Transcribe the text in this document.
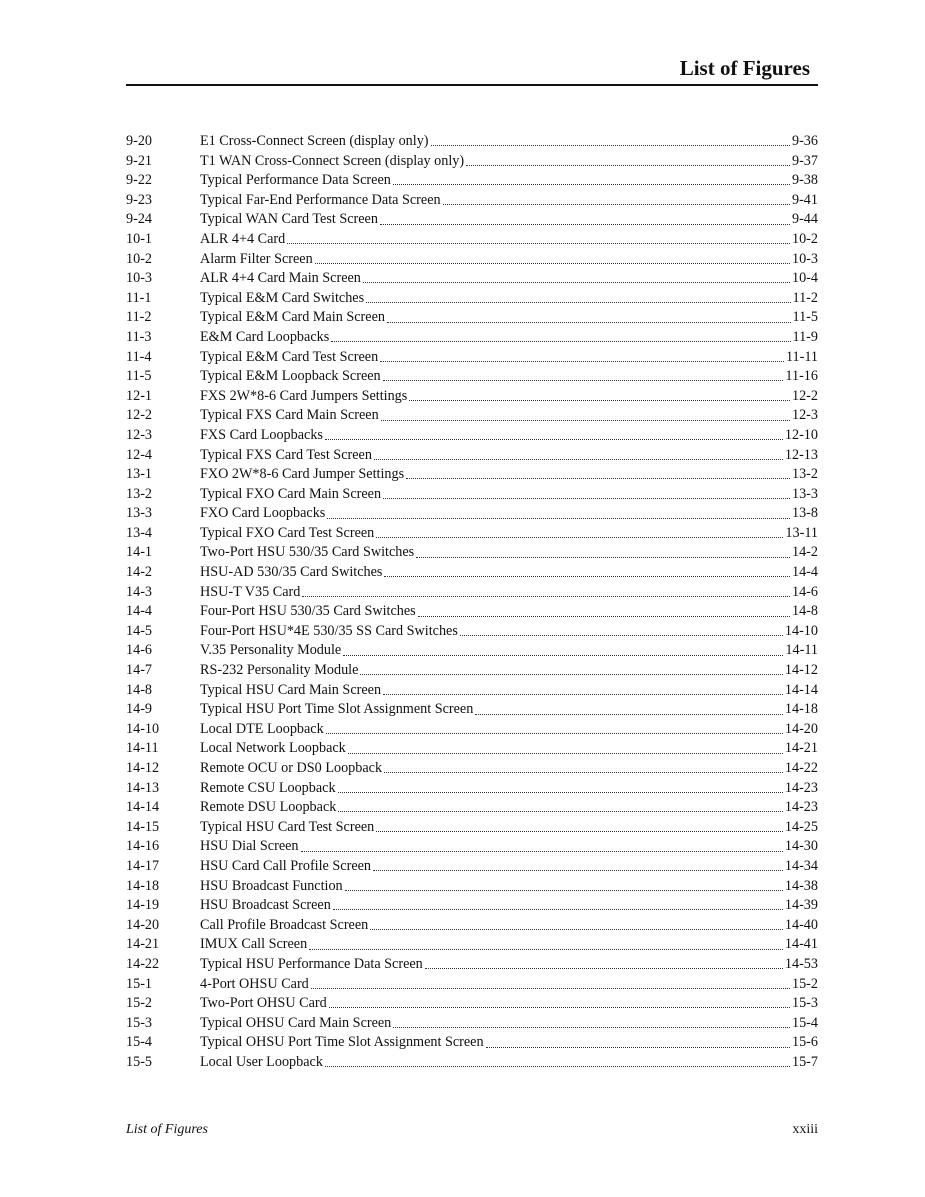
List of Figures
9-20	E1 Cross-Connect Screen (display only)	9-36
9-21	T1 WAN Cross-Connect Screen (display only)	9-37
9-22	Typical Performance Data Screen	9-38
9-23	Typical Far-End Performance Data Screen	9-41
9-24	Typical WAN Card Test Screen	9-44
10-1	ALR 4+4 Card	10-2
10-2	Alarm Filter Screen	10-3
10-3	ALR 4+4 Card Main Screen	10-4
11-1	Typical E&M Card Switches	11-2
11-2	Typical E&M Card Main Screen	11-5
11-3	E&M Card Loopbacks	11-9
11-4	Typical E&M Card Test Screen	11-11
11-5	Typical E&M Loopback Screen	11-16
12-1	FXS 2W*8-6 Card Jumpers Settings	12-2
12-2	Typical FXS Card Main Screen	12-3
12-3	FXS Card Loopbacks	12-10
12-4	Typical FXS Card Test Screen	12-13
13-1	FXO 2W*8-6 Card Jumper Settings	13-2
13-2	Typical FXO Card Main Screen	13-3
13-3	FXO Card Loopbacks	13-8
13-4	Typical FXO Card Test Screen	13-11
14-1	Two-Port HSU 530/35 Card Switches	14-2
14-2	HSU-AD 530/35 Card Switches	14-4
14-3	HSU-T V35 Card	14-6
14-4	Four-Port HSU 530/35 Card Switches	14-8
14-5	Four-Port HSU*4E 530/35 SS Card Switches	14-10
14-6	V.35 Personality Module	14-11
14-7	RS-232 Personality Module	14-12
14-8	Typical HSU Card Main Screen	14-14
14-9	Typical HSU Port Time Slot Assignment Screen	14-18
14-10	Local DTE Loopback	14-20
14-11	Local Network Loopback	14-21
14-12	Remote OCU or DS0 Loopback	14-22
14-13	Remote CSU Loopback	14-23
14-14	Remote DSU Loopback	14-23
14-15	Typical HSU Card Test Screen	14-25
14-16	HSU Dial Screen	14-30
14-17	HSU Card Call Profile Screen	14-34
14-18	HSU Broadcast Function	14-38
14-19	HSU Broadcast Screen	14-39
14-20	Call Profile Broadcast Screen	14-40
14-21	IMUX Call Screen	14-41
14-22	Typical HSU Performance Data Screen	14-53
15-1	4-Port OHSU Card	15-2
15-2	Two-Port OHSU Card	15-3
15-3	Typical OHSU Card Main Screen	15-4
15-4	Typical OHSU Port Time Slot Assignment Screen	15-6
15-5	Local User Loopback	15-7
List of Figures	xxiii
